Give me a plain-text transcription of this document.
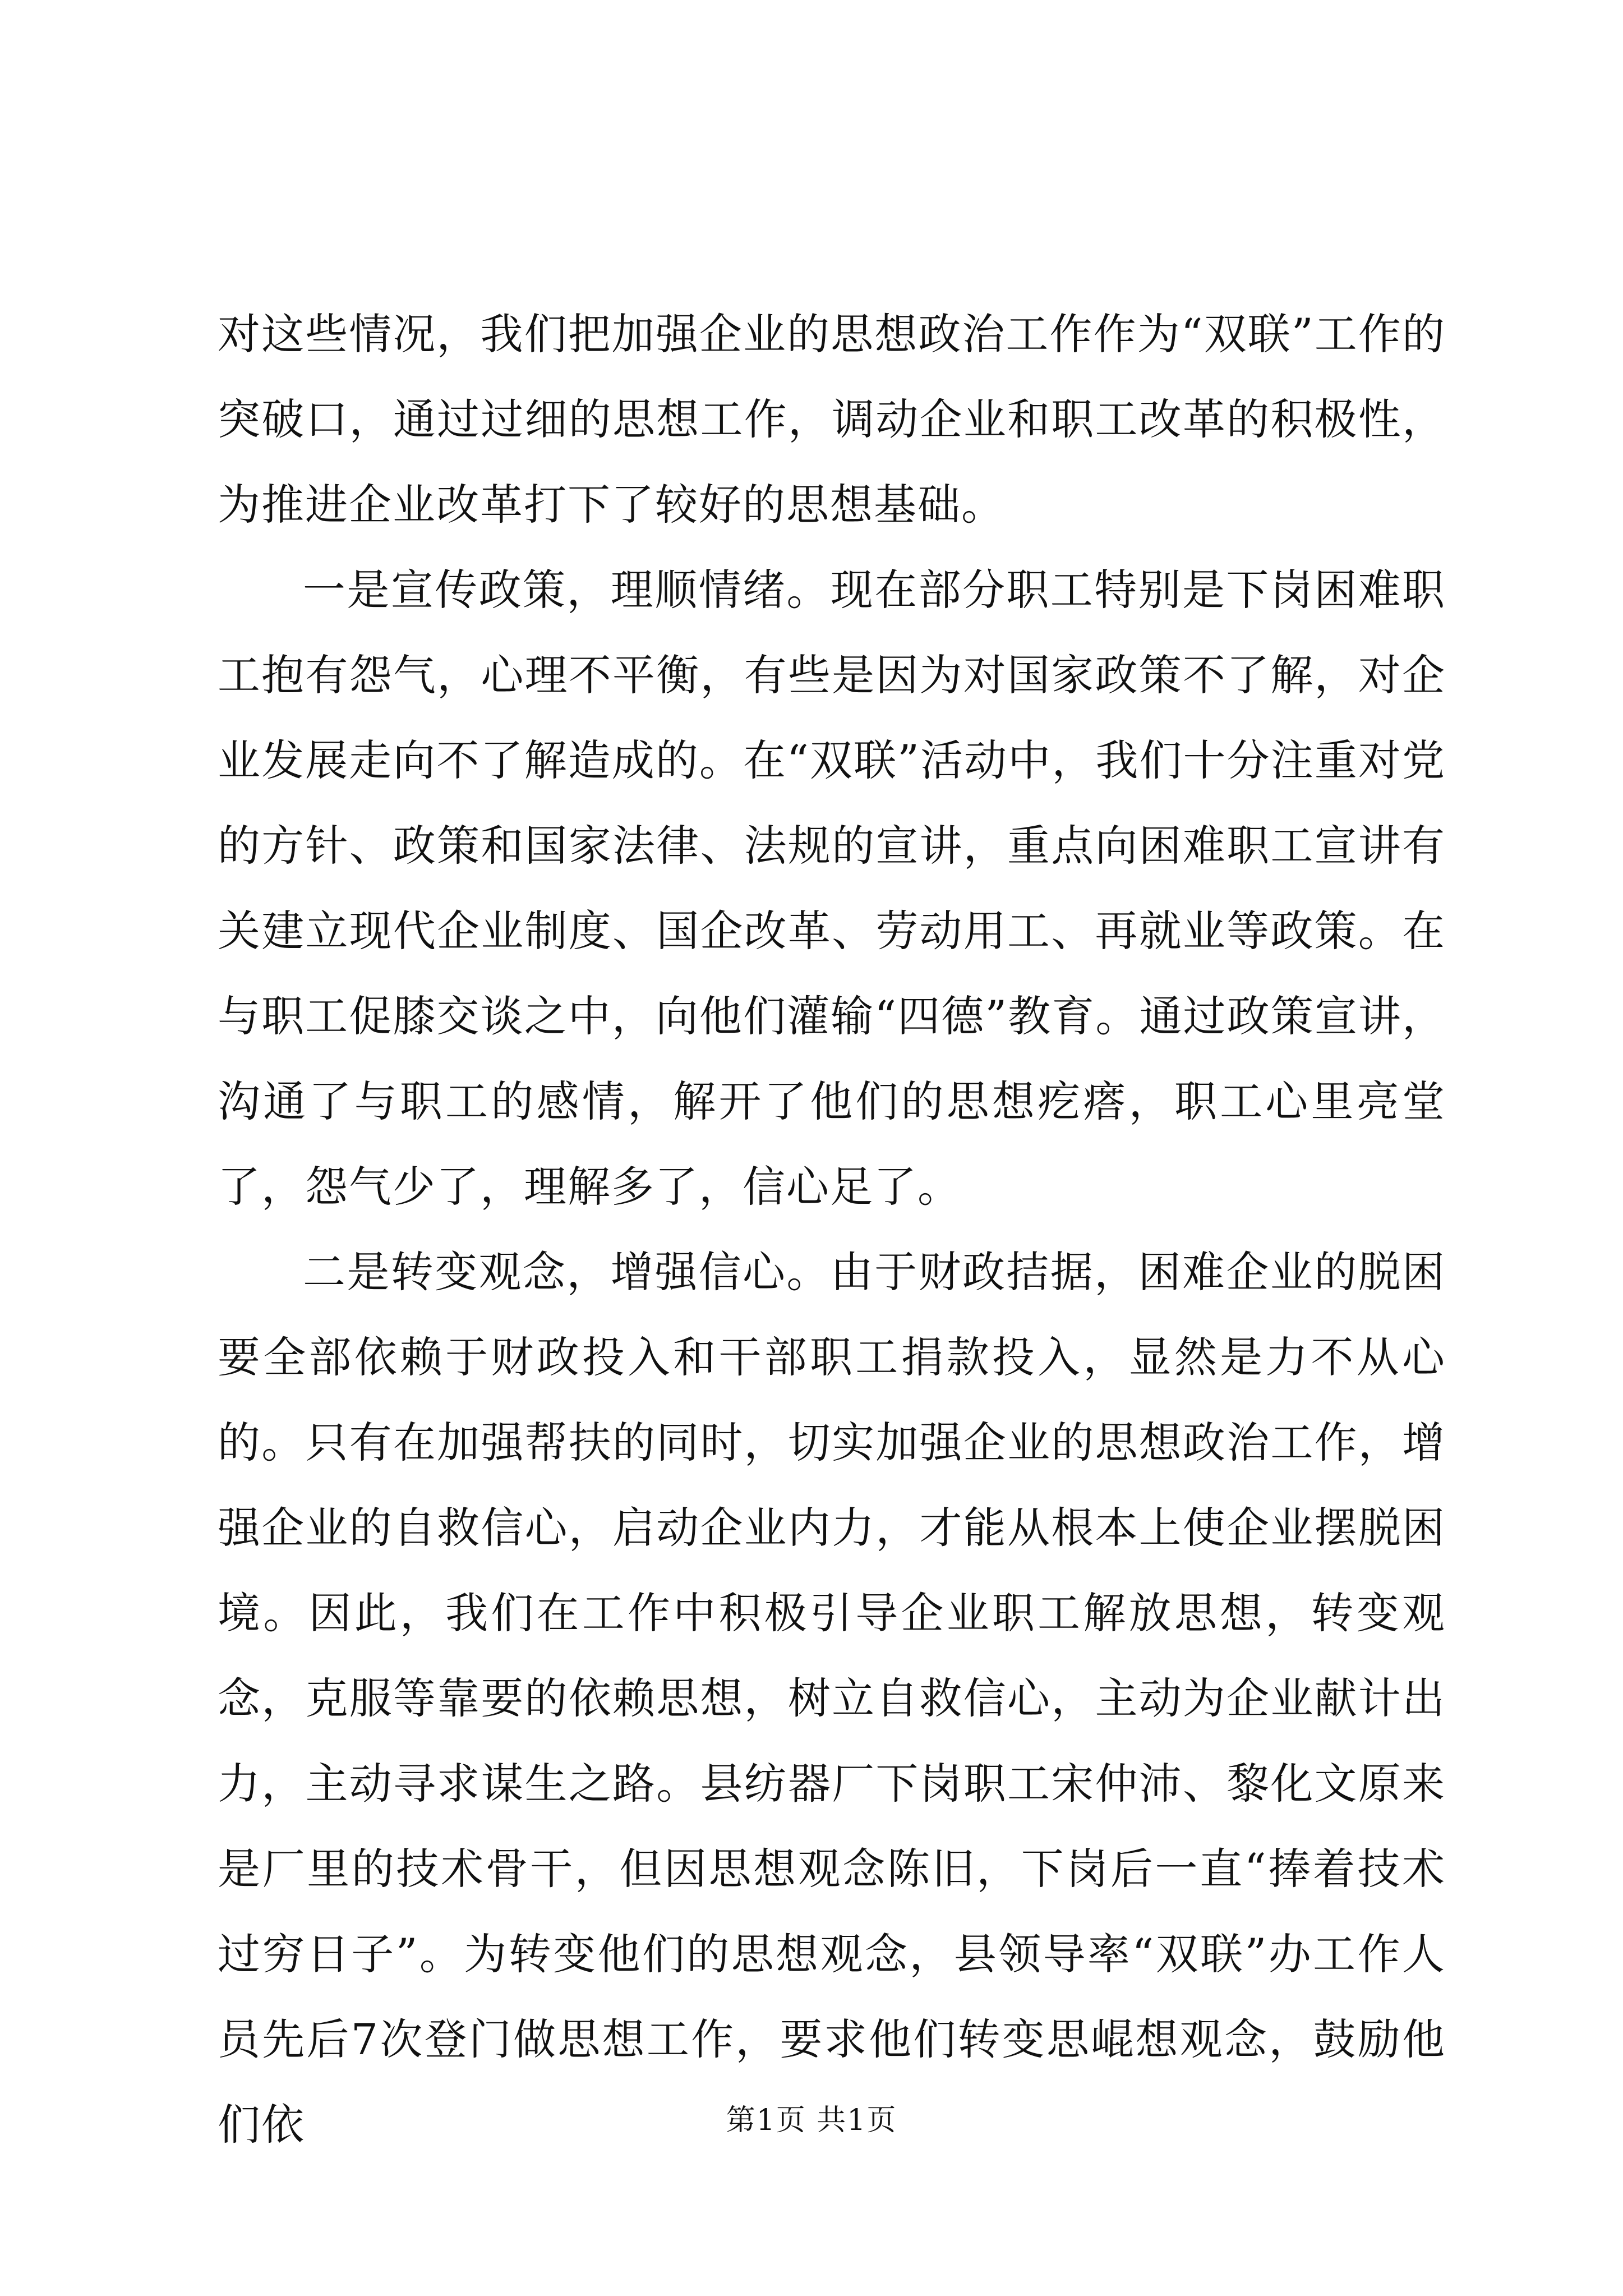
对这些情况，我们把加强企业的思想政治工作作为“双联”工作的突破口，通过过细的思想工作，调动企业和职工改革的积极性，为推进企业改革打下了较好的思想基础。

一是宣传政策，理顺情绪。现在部分职工特别是下岗困难职工抱有怨气，心理不平衡，有些是因为对国家政策不了解，对企业发展走向不了解造成的。在“双联”活动中，我们十分注重对党的方针、政策和国家法律、法规的宣讲，重点向困难职工宣讲有关建立现代企业制度、国企改革、劳动用工、再就业等政策。在与职工促膝交谈之中，向他们灌输“四德”教育。通过政策宣讲，沟通了与职工的感情，解开了他们的思想疙瘩，职工心里亮堂了，怨气少了，理解多了，信心足了。

二是转变观念，增强信心。由于财政拮据，困难企业的脱困要全部依赖于财政投入和干部职工捐款投入，显然是力不从心的。只有在加强帮扶的同时，切实加强企业的思想政治工作，增强企业的自救信心，启动企业内力，才能从根本上使企业摆脱困境。因此，我们在工作中积极引导企业职工解放思想，转变观念，克服等靠要的依赖思想，树立自救信心，主动为企业献计出力，主动寻求谋生之路。县纺器厂下岗职工宋仲沛、黎化文原来是厂里的技术骨干，但因思想观念陈旧，下岗后一直“捧着技术过穷日子”。为转变他们的思想观念，县领导率“双联”办工作人员先后7次登门做思想工作，要求他们转变思崐想观念，鼓励他们依	第1页 共1页
